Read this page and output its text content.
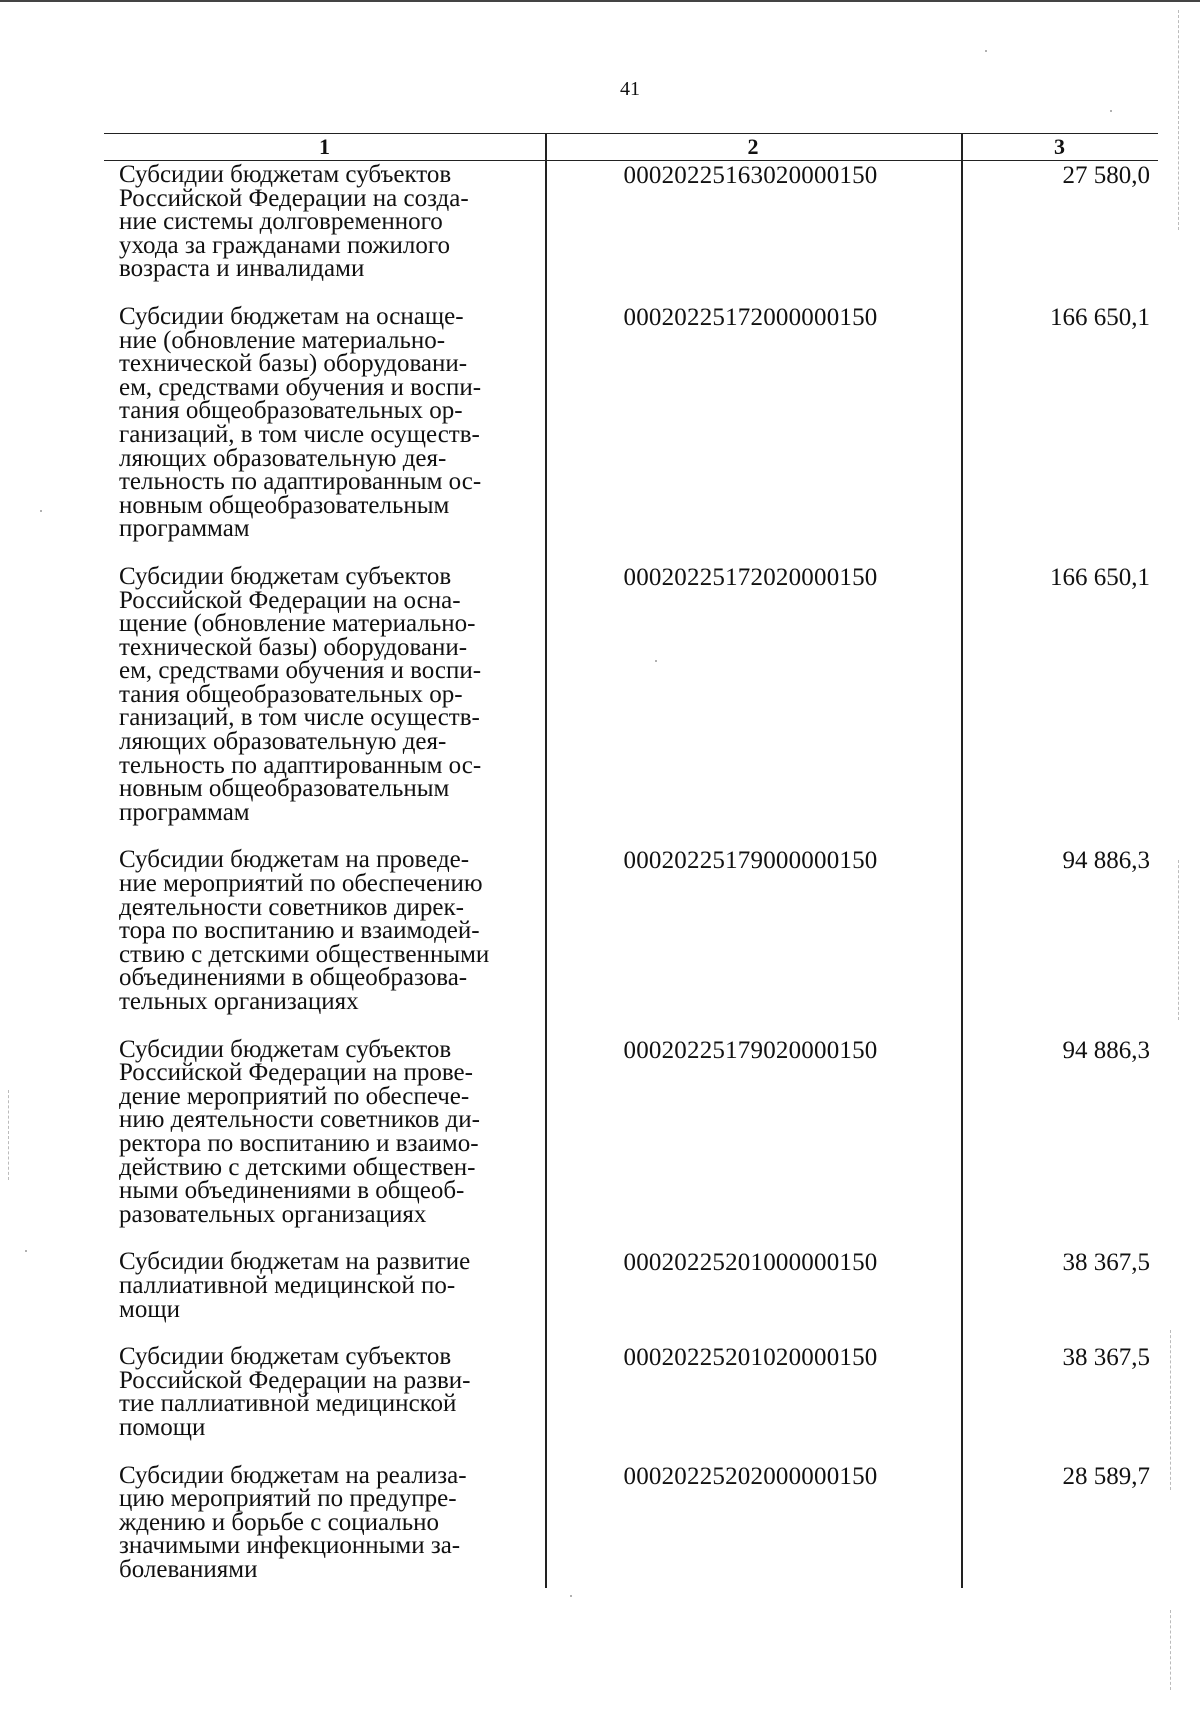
41
1	2	3
Субсидии бюджетам субъектов
Российской Федерации на созда-
ние системы долговременного
ухода за гражданами пожилого
возраста и инвалидами
00020225163020000150	27 580,0
Субсидии бюджетам на оснаще-
ние (обновление материально-
технической базы) оборудовани-
ем, средствами обучения и воспи-
тания общеобразовательных ор-
ганизаций, в том числе осуществ-
ляющих образовательную дея-
тельность по адаптированным ос-
новным общеобразовательным
программам
00020225172000000150	166 650,1
Субсидии бюджетам субъектов
Российской Федерации на осна-
щение (обновление материально-
технической базы) оборудовани-
ем, средствами обучения и воспи-
тания общеобразовательных ор-
ганизаций, в том числе осуществ-
ляющих образовательную дея-
тельность по адаптированным ос-
новным общеобразовательным
программам
00020225172020000150	166 650,1
Субсидии бюджетам на проведе-
ние мероприятий по обеспечению
деятельности советников дирек-
тора по воспитанию и взаимодей-
ствию с детскими общественными
объединениями в общеобразова-
тельных организациях
00020225179000000150	94 886,3
Субсидии бюджетам субъектов
Российской Федерации на прове-
дение мероприятий по обеспече-
нию деятельности советников ди-
ректора по воспитанию и взаимо-
действию с детскими обществен-
ными объединениями в общеоб-
разовательных организациях
00020225179020000150	94 886,3
Субсидии бюджетам на развитие
паллиативной медицинской по-
мощи
00020225201000000150	38 367,5
Субсидии бюджетам субъектов
Российской Федерации на разви-
тие паллиативной медицинской
помощи
00020225201020000150	38 367,5
Субсидии бюджетам на реализа-
цию мероприятий по предупре-
ждению и борьбе с социально
значимыми инфекционными за-
болеваниями
00020225202000000150	28 589,7
